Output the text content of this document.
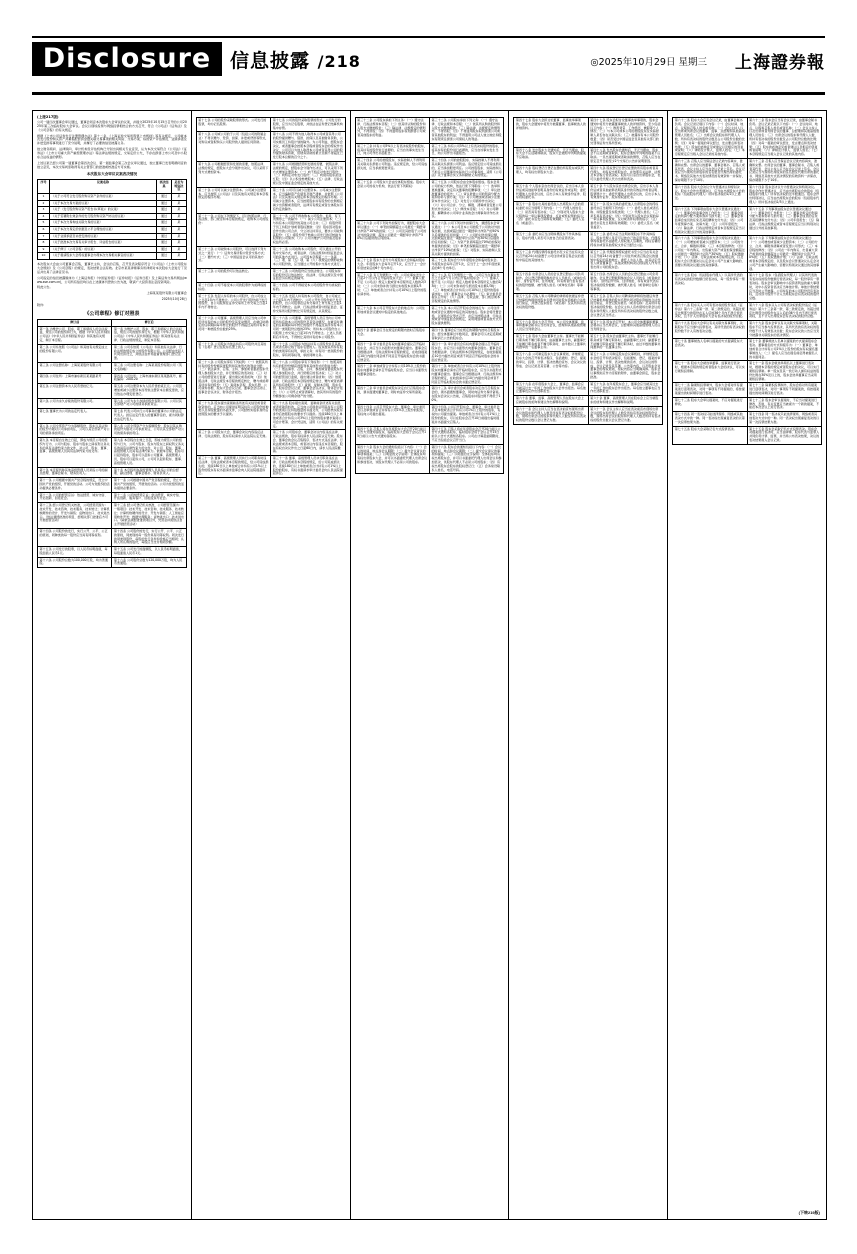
Disclosure 信息披露 /218	◎2025年10月29日 星期三 上海證券報
(上接217版)
公司一届四次董事会审议通过，董事会同意本次股东大会审议的议案，并提交2025年10月15日召开的公司2025年第三次临时股东大会审议。会议以现场投票与网络投票相结合的方式召开，符合《公司法》《证券法》及《公司章程》的有关规定。
根据《上市公司证券发行注册管理办法》第十二条、《上海证券交易所股票上市规则》等有关规定，公司就本次发行股份购买资产并募集配套资金暨关联交易事项的相关风险、交易方案、标的资产评估情况、业绩承诺及补偿安排等事项进行了充分说明，并履行了必要的信息披露义务。
独立财务顾问、法律顾问、审计机构及评估机构已分别出具相关专业意见，认为本次交易符合《公司法》《证券法》《上市公司重大资产重组管理办法》等法律法规的规定，交易定价公允，不存在损害上市公司及中小股东合法权益的情形。
上述议案已经公司第一届董事会第四次会议、第一届监事会第三次会议审议通过，独立董事已发表明确同意的独立意见，本次交易尚需取得有关主管部门的批准或核准后方可实施。
本次股东大会审议议案表决情况
序号	议案名称	表决结果	是否为特别决议
1	《关于公司符合发行股份购买资产条件的议案》	通过	是
2	《关于本次交易方案的议案》	通过	是
3	《关于〈发行股份购买资产报告书(草案)〉的议案》	通过	是
4	《关于签署附生效条件的发行股份购买资产协议的议案》	通过	是
5	《关于本次交易构成关联交易的议案》	通过	是
6	《关于本次交易定价依据及公平合理性的议案》	通过	是
7	《关于业绩承诺及补偿安排的议案》	通过	是
8	《关于批准本次交易有关审计报告、评估报告的议案》	通过	是
9	《关于修订〈公司章程〉的议案》	通过	是
10	《关于提请股东大会授权董事会办理本次交易相关事宜的议案》	通过	是
本次股东大会由公司董事会召集，董事长主持，会议的召集、召开及表决程序符合《公司法》《上市公司股东大会规则》及《公司章程》的规定，表决结果合法有效。北京市某某律师事务所律师对本次股东大会进行了见证并出具了法律意见书。
公司指定的信息披露媒体为《上海证券报》《中国证券报》《证券时报》《证券日报》及上海证券交易所网站(www.sse.com.cn)，公司所有信息均以在上述媒体刊登的公告为准，敬请广大投资者注意投资风险。
特此公告。
上海某某股份有限公司董事会
2025年10月28日
附件：
《公司章程》修订对照表
修订前	修订后
第一条 为维护公司、股东、职工和债权人的合法权益，规范公司的组织和行为，根据《中华人民共和国公司法》《中华人民共和国证券法》和其他有关规定，制订本章程。	第一条 为维护公司、股东、职工和债权人的合法权益，规范公司的组织和行为，根据《中华人民共和国公司法》《中华人民共和国证券法》和其他有关法律、行政法规的规定，制定本章程。
第二条 公司系依照《公司法》和其他有关规定成立的股份有限公司。	第二条 公司系依照《公司法》和其他有关法律、行政法规的规定成立的股份有限公司。公司经由发起人共同出资设立，并依法在市场监督管理部门登记注册。
第三条 公司注册名称：上海某某股份有限公司	第三条 公司注册名称：上海某某股份有限公司（英文名称略）
第四条 公司住所：上海市浦东新区某某路某号	第四条 公司住所：上海市浦东新区某某路某号，邮政编码：200120
第五条 公司注册资本为人民币壹拾亿元。	第五条 公司注册资本为人民币壹拾贰亿元。公司因增加或减少注册资本而导致注册资本总额变更的，应当依法办理变更登记。
第六条 公司为永久存续的股份有限公司。	第六条 公司为永久存续的股份有限公司。公司以其全部财产对公司的债务承担责任。
第七条 董事长为公司的法定代表人。	第七条 代表公司执行公司事务的董事为公司的法定代表人。担任法定代表人的董事辞任的，视为同时辞去法定代表人。
第八条 公司全部资产分为等额股份，股东以其认购的股份为限对公司承担责任，公司以其全部资产对公司的债务承担责任。	第八条 公司全部资产分为等额股份，股东以其认购的股份为限对公司承担责任，公司以其全部财产对公司的债务承担责任。
第九条 本章程自生效之日起，即成为规范公司的组织与行为、公司与股东、股东与股东之间权利义务关系的具有法律约束力的文件，对公司、股东、董事、监事、高级管理人员具有法律约束力的文件。	第九条 本章程自生效之日起，即成为规范公司的组织与行为、公司与股东、股东与股东之间权利义务关系的具有法律约束力的文件，对公司、股东、董事、高级管理人员具有法律约束力。依据本章程，股东可以起诉股东，股东可以起诉公司董事、高级管理人员，股东可以起诉公司，公司可以起诉股东、董事、高级管理人员。
第十条 本章程所称其他高级管理人员是指公司的副总经理、董事会秘书、财务负责人。	第十条 本章程所称高级管理人员是指公司的总经理、副总经理、董事会秘书、财务负责人。
第十一条 公司根据中国共产党章程的规定，设立中国共产党的组织，开展党的活动。公司为党组织的活动提供必要条件。	第十一条 公司根据中国共产党章程的规定，设立中国共产党的组织，开展党的活动。公司为党组织的活动提供必要条件。
第十二条 公司的经营宗旨：依法经营、诚实守信、开拓创新、回报社会。	第十二条 公司的经营宗旨：依法经营、诚实守信、开拓创新、服务客户、回报股东与社会。
第十三条 经公司登记机关核准，公司经营范围为：技术开发、技术咨询、技术服务、技术转让；计算机软硬件的设计、开发与销售；货物进出口、技术进出口。（依法须经批准的项目，经相关部门批准后方可开展经营活动）	第十三条 经公司登记机关核准，公司经营范围为：一般项目：技术开发、技术咨询、技术服务、技术转让；计算机软硬件的设计、开发与销售；人工智能应用软件开发；数据处理服务；货物进出口；技术进出口。（除依法须经批准的项目外，凭营业执照依法自主开展经营活动）
第十四条 公司股份的发行，实行公开、公平、公正的原则，同种类的每一股份应当具有同等权利。	第十四条 公司股份的发行，实行公开、公平、公正的原则，同类别的每一股份具有同等权利。同次发行的同类别股份，每股的发行条件和价格应当相同；认购人所认购的股份，每股应当支付相同价额。
第十五条 公司发行的股票，以人民币标明面值，每股面值人民币1元。	第十五条 公司发行的面额股，以人民币标明面值，每股面值人民币1元。
第十六条 公司股份总数为100,000万股，均为普通股。	第十六条 公司股份总数为120,000万股，均为人民币普通股。
第十七条 公司的股份采取股票的形式。公司发行的股票，均为记名股票。	第十七条 公司的股份采取股票的形式。公司发行的股票，应当为记名股票，并依法在证券登记结算机构集中存管。
第十八条 公司或公司的子公司（包括公司的附属企业）不得以赠与、垫资、担保、补偿或贷款等形式，对购买或者拟购买公司股份的人提供任何资助。	第十八条 公司不得为他人取得本公司或者其母公司的股份提供赠与、借款、担保以及其他财务资助，公司实施员工持股计划的除外。为公司利益，经股东会决议，或者董事会按照本章程或者股东会的授权作出决议，公司可以为他人取得本公司或者其母公司的股份提供财务资助，但财务资助的累计总额不得超过已发行股本总额的百分之十。
第十九条 公司根据经营和发展的需要，依照法律、法规的规定，经股东大会分别作出决议，可以采用下列方式增加资本。	第十九条 公司根据经营和发展的需要，依照法律、法规的规定，经股东会分别作出决议，可以采用下列方式增加注册资本：（一）向不特定对象发行股份；（二）向特定对象发行股份；（三）向现有股东派送红股；（四）以公积金转增股本；（五）法律、行政法规以及中国证监会规定的其他方式。
第二十条 公司可以减少注册资本。公司减少注册资本，应当按照《公司法》以及其他有关规定和本章程规定的程序办理。	第二十条 公司可以减少注册资本。公司减少注册资本，应当编制资产负债表及财产清单，并依照《公司法》以及其他有关规定和本章程规定的程序办理。公司减少注册资本，应当按照股东持有股份的比例相应减少出资额或者股份，法律另有规定或者全体股东另有约定的除外。
第二十一条 公司在下列情况下，可以依照法律、行政法规、部门规章和本章程的规定，收购本公司的股份：	第二十一条 公司不得收购本公司股份。但是，有下列情形之一的除外：（一）减少公司注册资本；（二）与持有本公司股份的其他公司合并；（三）将股份用于员工持股计划或者股权激励；（四）股东因对股东会作出的公司合并、分立决议持异议，要求公司收购其股份；（五）将股份用于转换公司发行的可转换为股票的公司债券；（六）公司为维护公司价值及股东权益所必需。
第二十二条 公司收购本公司股份，可以选择下列方式之一进行：（一）证券交易所集中竞价交易方式；（二）要约方式；（三）中国证监会认可的其他方式。	第二十二条 公司收购本公司股份，可以通过公开的集中交易方式，或者法律、行政法规和中国证监会认可的其他方式进行。公司因本章程第二十一条第（三）项、第（五）项、第（六）项规定的情形收购本公司股份的，应当通过公开的集中交易方式进行。
第二十三条 公司的股份可以依法转让。	第二十三条 公司的股份应当依法转让。公司股东持有的股份可以依法转让，但法律、行政法规以及中国证监会另有规定的除外。
第二十四条 公司不接受本公司的股票作为质押权的标的。	第二十四条 公司不得接受本公司的股份作为质权的标的。
第二十五条 发起人持有的本公司股份，自公司成立之日起1年内不得转让。公司公开发行股份前已发行的股份，自公司股票在证券交易所上市交易之日起1年内不得转让。	第二十五条 发起人持有的本公司股份，自公司成立之日起1年内不得转让。公司公开发行股份前已发行的股份，自公司股票在证券交易所上市交易之日起1年内不得转让。法律、行政法规或者中国证监会、证券交易所对股份转让另有规定的，从其规定。
第二十六条 公司董事、高级管理人员应当向公司申报所持有的本公司的股份及其变动情况，在就任时确定的任职期间每年转让的股份不得超过其所持有本公司同一种类股份总数的25%。	第二十六条 公司董事、高级管理人员应当向公司申报所持有的本公司的股份及其变动情况，在就任时确定的任职期间每年转让的股份不得超过其所持有本公司同一类别股份总数的25%；所持本公司股份自公司股票上市交易之日起1年内不得转让。上述人员离职后半年内，不得转让其所持有的本公司股份。
第二十七条 公司股东为依法持有公司股份并且其姓名（名称）登记在股东名册上的人。	第二十七条 公司股东为依法持有公司股份并且其姓名或者名称记载于股东名册的人。股东按其所持有股份的类别享有权利，承担义务；持有同一类别股份的股东，享有同等权利，承担同种义务。
第二十八条 公司股东享有下列权利：（一）依照其所持有的股份份额获得股利和其他形式的利益分配；（二）依法请求、召集、主持、参加或者委派股东代理人参加股东大会，并行使相应的表决权；（三）对公司的经营进行监督，提出建议或者质询；（四）依照法律、行政法规及本章程的规定转让、赠与或质押其所持有的股份；（五）查阅本章程、股东名册、公司债券存根、股东大会会议记录、董事会会议决议、监事会会议决议、财务会计报告。	第二十八条 公司股东享有下列权利：（一）依照其所持有的股份份额获得股利和其他形式的利益分配；（二）依法请求、召集、主持、参加或者委派股东代理人参加股东会，并行使相应的表决权；（三）对公司的经营进行监督，提出建议或者质询；（四）依照法律、行政法规及本章程的规定转让、赠与或者质押其所持有的股份；（五）查阅、复制本章程、股东名册、股东会会议记录、董事会会议决议、财务会计报告；（六）公司终止或者清算时，按其所持有的股份份额参加公司剩余财产的分配。
第二十九条 股东提出查阅前条所述有关信息或者索取资料的，应当向公司提供证明其持有公司股份的种类以及持股数量的书面文件，公司经核实股东身份后按照股东的要求予以提供。	第二十九条 股东提出查阅、复制前条所述有关信息或者索取资料的，应当向公司提供证明其持有公司股份的类别以及持股数量的书面文件，公司经核实股东身份后按照股东的要求予以提供。连续180日以上单独或者合计持有公司3%以上股份的股东要求查阅公司会计账簿、会计凭证的，适用《公司法》的有关规定。
第三十条 公司股东大会、董事会决议内容违反法律、行政法规的，股东有权请求人民法院认定无效。	第三十条 公司股东会、董事会决议内容违反法律、行政法规的，股东有权请求人民法院认定无效。股东会、董事会的会议召集程序、表决方式违反法律、行政法规或者本章程，或者决议内容违反本章程的，股东有权自决议作出之日起60日内，请求人民法院撤销。
第三十一条 董事、高级管理人员执行公司职务时违反法律、行政法规或者本章程的规定，给公司造成损失的，连续180日以上单独或合并持有公司1%以上股份的股东有权书面请求监事会向人民法院提起诉讼。	第三十一条 董事、高级管理人员执行职务违反法律、行政法规或者本章程的规定，给公司造成损失的，连续180日以上单独或者合计持有公司1%以上股份的股东，有权书面请求审计委员会向人民法院提起诉讼。
第三十二条 公司股东承担下列义务：（一）遵守法律、行政法规和本章程；（二）依其所认购的股份和入股方式缴纳股金；（三）除法律、法规规定的情形外，不得退股；（四）不得滥用股东权利损害公司或者其他股东的利益。	第三十二条 公司股东承担下列义务：（一）遵守法律、行政法规和本章程；（二）依其所认购的股份和入股方式缴纳股款；（三）除法律、法规规定的情形外，不得退股；（四）不得滥用股东权利损害公司或者其他股东的利益；不得滥用公司法人独立地位和股东有限责任损害公司债权人的利益。
第三十三条 持有公司5%以上有表决权股份的股东，将其持有的股份进行质押的，应当自该事实发生当日，向公司作出书面报告。	第三十三条 持有公司5%以上有表决权股份的股东，将其持有的股份进行质押的，应当自该事实发生当日，向公司作出书面报告。
第三十四条 公司的控股股东、实际控制人不得利用其关联关系损害公司利益。违反规定的，给公司造成损失的，应当承担赔偿责任。	第三十四条 公司的控股股东、实际控制人不得利用其关联关系损害公司利益。违反规定给公司造成损失的，应当承担赔偿责任。公司控股股东、实际控制人不担任公司董事但实际执行公司事务的，适用《公司法》关于董事忠实义务和勤勉义务的规定。
第三十五条 公司股东大会由全体股东组成。股东大会是公司的权力机构，依法行使下列职权：	第三十五条 公司股东会由全体股东组成。股东会是公司的权力机构，依法行使下列职权：（一）选举和更换董事，决定有关董事的报酬事项；（二）审议批准董事会的报告；（三）审议批准公司的利润分配方案和弥补亏损方案；（四）对公司增加或者减少注册资本作出决议；（五）对发行公司债券作出决议；（六）对公司合并、分立、解散、清算或者变更公司形式作出决议；（七）修改本章程；（八）对公司聘用、解聘承办公司审计业务的会计师事务所作出决议。
第三十六条 公司下列对外担保行为，须经股东大会审议通过：（一）单笔担保额超过公司最近一期经审计净资产10%的担保；（二）公司及其控股子公司的对外担保总额，超过公司最近一期经审计净资产50%以后提供的任何担保。	第三十六条 公司下列对外担保行为，须经股东会审议通过：（一）本公司及本公司控股子公司的对外担保总额，达到或超过最近一期经审计净资产的50%以后提供的任何担保；（二）公司的对外担保总额，达到或超过最近一期经审计总资产的30%以后提供的任何担保；（三）为资产负债率超过70%的担保对象提供的担保；（四）单笔担保额超过最近一期经审计净资产10%的担保；（五）对股东、实际控制人及其关联方提供的担保。
第三十七条 股东大会分为年度股东大会和临时股东大会。年度股东大会每年召开1次，应当于上一会计年度结束后的6个月内举行。	第三十七条 股东会分为年度股东会和临时股东会。年度股东会每年召开1次，应当于上一会计年度结束后的6个月内举行。
第三十八条 有下列情形之一的，公司在事实发生之日起2个月以内召开临时股东大会：（一）董事人数不足《公司法》规定人数或者本章程所定人数的2/3时；（二）公司未弥补的亏损达实收股本总额1/3时；（三）单独或者合计持有公司10%以上股份的股东请求时。	第三十八条 有下列情形之一的，公司应当在事实发生之日起2个月以内召开临时股东会：（一）董事人数不足《公司法》规定人数或者本章程所定人数的2/3时；（二）公司未弥补的亏损达股本总额1/3时；（三）单独或者合计持有公司10%以上股份的股东请求时；（四）董事会认为必要时；（五）审计委员会提议召开时；（六）法律、行政法规、部门规章或本章程规定的其他情形。
第三十九条 本公司召开股东大会的地点为：公司住所地或者会议通知中指定的其他地点。	第三十九条 本公司召开股东会的地点为：公司住所地或者会议通知中指定的其他地点。股东会将设置会场，以现场会议形式召开，并应当按照法律、行政法规或者中国证监会的规定，采用网络或者其他方式为股东提供便利。
第四十条 董事会应当在规定的期限内按时召集股东大会。	第四十条 董事会应当在规定的期限内按时召集股东会。经全体董事过半数同意，董事会可以决定延期或者取消已公告的股东会。
第四十一条 审计委员会有权向董事会提议召开临时股东会，并应当以书面形式向董事会提出。董事会应当根据法律、行政法规和本章程的规定，在收到提案后10日内提出同意或不同意召开临时股东会的书面反馈意见。	第四十一条 审计委员会有权向董事会提议召开临时股东会，并应当以书面形式向董事会提出。董事会应当根据法律、行政法规和本章程的规定，在收到提案后10日内提出同意或者不同意召开临时股东会的书面反馈意见。
第四十二条 单独或者合计持有公司10%以上股份的股东向董事会请求召开临时股东会，应当以书面形式向董事会提出。	第四十二条 单独或者合计持有公司10%以上股份的股东向董事会请求召开临时股东会，应当以书面形式向董事会提出。董事会应当根据法律、行政法规和本章程的规定，在收到请求后10日内提出同意或者不同意召开临时股东会的书面反馈意见。
第四十三条 审计委员会或股东决定自行召集股东会的，须书面通知董事会，同时向证券交易所备案。	第四十三条 审计委员会或者股东决定自行召集股东会的，须书面通知董事会，同时向证券交易所备案。在股东会决议公告前，召集股东持股比例不得低于10%。
第四十四条 公司召开股东大会，董事会、审计委员会以及单独或者合并持有公司1%以上股份的股东，有权向公司提出提案。	第四十四条 公司召开股东会，董事会、审计委员会以及单独或者合计持有公司1%以上股份的股东，有权向公司提出提案。单独或者合计持有公司1%以上股份的股东，可以在股东会召开10日前提出临时提案并书面提交召集人。
第四十五条 召集人将在年度股东大会召开20日前以公告方式通知各股东，临时股东大会将于会议召开15日前以公告方式通知各股东。	第四十五条 召集人将在年度股东会召开20日前以公告方式通知各股东，临时股东会将于会议召开15日前以公告方式通知各股东。公司在计算起始期限时，不应当包括会议召开当日。
第四十六条 股东大会的通知包括以下内容：（一）会议的时间、地点和会议期限；（二）提交会议审议的事项和提案；（三）以明显的文字说明：全体股东均有权出席股东大会，并可以书面委托代理人出席会议和参加表决，该股东代理人不必是公司的股东。	第四十六条 股东会的通知包括以下内容：（一）会议的时间、地点和会议期限；（二）提交会议审议的事项和提案；（三）以明显的文字说明：全体股东均有权出席股东会，并可以书面委托代理人出席会议和参加表决，该股东代理人不必是公司的股东；（四）有权出席股东会股东的股权登记日；（五）会务常设联系人姓名，电话号码。
第四十七条 股东大会拟讨论董事、监事选举事项的，股东大会通知中将充分披露董事、监事候选人的详细资料。	第四十七条 股东会拟讨论董事选举事项的，股东会通知中将充分披露董事候选人的详细资料，至少包括以下内容：（一）教育背景、工作经历、兼职等个人情况；（二）与本公司或本公司的控股股东及实际控制人是否存在关联关系；（三）披露持有本公司股份数量；（四）是否受过中国证监会及其他有关部门的处罚和证券交易所惩戒。
第四十八条 发出股东大会通知后，无正当理由，股东大会不应延期或取消，股东大会通知中列明的提案不应取消。	第四十八条 发出股东会通知后，无正当理由，股东会不应延期或者取消，股东会通知中列明的提案不应取消。一旦出现延期或者取消的情形，召集人应当在原定召开日前至少2个交易日公告并说明原因。
第四十九条 股权登记日登记在册的所有股东或其代理人，均有权出席股东大会。	第四十九条 股权登记日登记在册的所有股东或者其代理人，均有权出席股东会，并依照有关法律、法规及本章程行使表决权。股东可以亲自出席股东会，也可以委托代理人代为出席和表决。
第五十条 个人股东亲自出席会议的，应出示本人身份证或其他能够表明其身份的有效证件或证明；委托代理他人出席会议的，应出示本人有效身份证件、股东授权委托书。	第五十条 个人股东亲自出席会议的，应出示本人身份证或者其他能够表明其身份的有效证件或者证明、股票账户卡；委托代理他人出席会议的，应出示本人有效身份证件、股东授权委托书。
第五十一条 股东出具的委托他人出席股东大会的授权委托书应当载明下列内容：（一）代理人的姓名；（二）是否具有表决权；（三）分别对列入股东大会议程的每一审议事项投赞成、反对或弃权票的指示；（四）委托书签发日期和有效期限；（五）委托人签名（或盖章）。	第五十一条 股东出具的委托他人出席股东会的授权委托书应当载明下列内容：（一）委托人姓名或者名称、持股数量及持股类别；（二）代理人姓名；（三）是否具有表决权；（四）分别对列入股东会议程的每一审议事项投赞成、反对或者弃权票的指示；（五）委托书签发日期和有效期限；（六）委托人签名（或者盖章）。
第五十二条 委托书应当注明如果股东不作具体指示，股东代理人是否可以按自己的意思表决。	第五十二条 委托书应当注明如果股东不作具体指示，股东代理人是否可以按自己的意思表决。代理投票授权委托书由委托人授权他人签署的，授权签署的授权书或者其他授权文件应当经过公证。
第五十三条 代理投票授权委托书至少应当在有关会议召开前24小时备置于公司住所或者召集会议的通知中指定的其他地方。	第五十三条 代理投票授权委托书至少应当在有关会议召开前24小时备置于公司住所或者召集会议的通知中指定的其他地方。委托人为法人的，由其法定代表人或者董事会、其他决策机构决议授权的人作为代表出席公司的股东会。
第五十四条 出席会议人员的会议登记册由公司负责制作。会议登记册载明参加会议人员姓名（或单位名称）、身份证号码、住所地址、持有或者代表有表决权的股份数额、被代理人姓名（或单位名称）等事项。	第五十四条 出席会议人员的会议登记册由公司负责制作。会议登记册载明参加会议人员姓名（或者单位名称）、身份证件号码、住所地址、持有或者代表有表决权的股份数额、被代理人姓名（或者单位名称）等事项。
第五十五条 召集人和公司聘请的律师将依据证券登记结算机构提供的股东名册共同对股东资格的合法性进行验证，并登记股东姓名（或名称）及其所持有表决权的股份数。	第五十五条 召集人和公司聘请的律师将依据证券登记结算机构提供的股东名册共同对股东资格的合法性进行验证，并登记股东姓名（或者名称）及其所持有表决权的股份数。在会议主持人宣布现场出席会议的股东和代理人人数及所持有表决权的股份总数之前，会议登记应当终止。
第五十六条 股东大会召开时，本公司全体董事、监事和董事会秘书应当出席会议，经理和其他高级管理人员应当列席会议。	第五十六条 股东会召开时，本公司全体董事和董事会秘书应当出席会议，总经理和其他高级管理人员应当列席会议。
第五十七条 股东大会由董事长主持。董事长不能履行职务或不履行职务时，由副董事长主持，副董事长不能履行职务或者不履行职务时，由半数以上董事共同推举的一名董事主持。	第五十七条 股东会由董事长主持。董事长不能履行职务或者不履行职务时，由副董事长主持；副董事长不能履行职务或者不履行职务时，由过半数的董事共同推举的一名董事主持。
第五十八条 公司制定股东大会议事规则，详细规定股东大会的召开和表决程序，包括通知、登记、提案的审议、投票、计票、表决结果的宣布、会议决议的形成、会议记录及其签署、公告等内容。	第五十八条 公司制定股东会议事规则，详细规定股东会的召开和表决程序，包括通知、登记、提案的审议、投票、计票、表决结果的宣布、会议决议的形成、会议记录及其签署、公告等内容，以及股东会对董事会的授权原则，授权内容应当明确具体。股东会议事规则应作为章程的附件，由董事会拟定，股东会批准。
第五十九条 在年度股东大会上，董事会、监事会应当就其过去一年的工作向股东大会作出报告。每名独立董事也应作出述职报告。	第五十九条 在年度股东会上，董事会应当就其过去一年的工作向股东会作出报告。每名独立董事也应当作出述职报告。
第六十条 董事、监事、高级管理人员在股东大会上应就股东的质询和建议作出解释和说明。	第六十条 董事、高级管理人员在股东会上应当就股东的质询和建议作出解释和说明。
第六十一条 会议主持人应当在表决前宣布现场出席会议的股东和代理人人数及所持有表决权的股份总数，现场出席会议的股东和代理人人数及所持有表决权的股份总数以会议登记为准。	第六十一条 会议主持人应当在表决前宣布现场出席会议的股东和代理人人数及所持有表决权的股份总数，现场出席会议的股东和代理人人数及所持有表决权的股份总数以会议登记为准。
第六十二条 股东大会应有会议记录，由董事会秘书负责。会议记录记载以下内容：（一）会议时间、地点、议程和召集人姓名或名称；（二）会议主持人以及出席或列席会议的董事、监事、总经理和其他高级管理人员姓名；（三）出席会议的股东和代理人人数、所持有表决权的股份总数及占公司股份总数的比例；（四）对每一提案的审议经过、发言要点和表决结果；（五）股东的质询意见或建议以及相应的答复或说明；（六）律师及计票人、监票人姓名；（七）本章程规定应当载入会议记录的其他内容。	第六十二条 股东会应当有会议记录，由董事会秘书负责。会议记录记载以下内容：（一）会议时间、地点、议程和召集人姓名或者名称；（二）会议主持人以及出席或者列席会议的董事、总经理和其他高级管理人员姓名；（三）出席会议的股东和代理人人数、所持有表决权的股份总数及占公司股份总数的比例；（四）对每一提案的审议经过、发言要点和表决结果；（五）股东的质询意见或者建议以及相应的答复或者说明；（六）律师及计票人、监票人姓名；（七）本章程规定应当载入会议记录的其他内容。
第六十三条 召集人应当保证会议记录内容真实、准确和完整。出席会议的董事、董事会秘书、召集人或其代表、会议主持人应当在会议记录上签名。会议记录应当与现场出席股东的签名册及代理出席的委托书、网络及其他方式表决情况的有效资料一并保存，保存期限不少于10年。	第六十三条 召集人应当保证会议记录内容真实、准确和完整。出席会议的董事、董事会秘书、召集人或者其代表、会议主持人应当在会议记录上签名。会议记录应当与现场出席股东的签名册及代理出席的委托书、网络及其他方式表决情况的有效资料一并保存，保存期限不少于10年。
第六十四条 股东大会决议分为普通决议和特别决议。股东大会作出普通决议，应当由出席股东大会的股东（包括股东代理人）所持表决权的1/2以上通过。	第六十四条 股东会决议分为普通决议和特别决议。股东会作出普通决议，应当由出席股东会的股东（包括股东代理人）所持表决权的过半数通过。股东会作出特别决议，应当由出席股东会的股东（包括股东代理人）所持表决权的2/3以上通过。
第六十五条 下列事项由股东大会以普通决议通过：（一）董事会和监事会的工作报告；（二）董事会拟定的利润分配方案和弥补亏损方案；（三）董事会和监事会成员的任免及其报酬和支付方法；（四）公司年度预算方案、决算方案；（五）公司年度报告；（六）除法律、行政法规规定或者本章程规定应当以特别决议通过以外的其他事项。	第六十五条 下列事项由股东会以普通决议通过：（一）董事会的工作报告；（二）董事会拟定的利润分配方案和弥补亏损方案；（三）董事会成员的任免及其报酬和支付方法；（四）公司年度报告；（五）除法律、行政法规规定或者本章程规定应当以特别决议通过以外的其他事项。
第六十六条 下列事项由股东大会以特别决议通过：（一）公司增加或者减少注册资本；（二）公司的分立、合并、解散和清算；（三）本章程的修改；（四）公司在一年内购买、出售重大资产或者担保金额超过公司最近一期经审计总资产30%的；（五）股权激励计划；（六）法律、行政法规或本章程规定的，以及股东大会以普通决议认定会对公司产生重大影响的、需要以特别决议通过的其他事项。	第六十六条 下列事项由股东会以特别决议通过：（一）公司增加或者减少注册资本；（二）公司的分立、合并、解散和清算或者变更公司形式；（三）本章程的修改；（四）公司在一年内购买、出售重大资产或者担保金额超过公司最近一期经审计总资产30%的；（五）股权激励计划；（六）法律、行政法规或者本章程规定的，以及股东会以普通决议认定会对公司产生重大影响的、需要以特别决议通过的其他事项。
第六十七条 股东（包括股东代理人）以其所代表的有表决权的股份数额行使表决权，每一股份享有一票表决权。	第六十七条 股东（包括股东代理人）以其所代表的有表决权的股份数额行使表决权，每一股份享有一票表决权。股东会审议影响中小投资者利益的重大事项时，对中小投资者表决应当单独计票。单独计票结果应当及时公开披露。公司持有的本公司股份没有表决权，且该部分股份不计入出席股东会有表决权的股份总数。
第六十八条 股东买入公司有表决权的股份违反《证券法》第六十三条第一款、第二款规定的，该超过规定比例部分的股份在买入后的36个月内不得行使表决权，且不计入出席股东大会有表决权的股份总数。	第六十八条 股东买入公司有表决权的股份违反《证券法》第六十三条第一款、第二款规定的，该超过规定比例部分的股份在买入后的36个月内不得行使表决权，且不计入出席股东会有表决权的股份总数。
第六十九条 股东大会审议有关关联交易事项时，关联股东不应当参与投票表决，其所代表的有表决权的股份数不计入有效表决总数。	第六十九条 股东会审议有关关联交易事项时，关联股东不应当参与投票表决，其所代表的有表决权的股份数不计入有效表决总数；股东会决议的公告应当充分披露非关联股东的表决情况。
第七十条 董事候选人名单以提案的方式提请股东大会表决。	第七十条 董事候选人名单以提案的方式提请股东会表决。董事提名的方式和程序为：（一）董事会、单独或者合计持有公司1%以上股份的股东有权提名董事候选人；（二）提名人应当在提名前征得被提名人的书面同意。
第七十一条 股东大会就选举董事、监事进行表决时，根据本章程的规定或者股东大会的决议，可以实行累积投票制。	第七十一条 股东会就选举两名以上董事进行表决时，根据本章程的规定或者股东会的决议，可以实行累积投票制。单一股东及其一致行动人拥有权益的股份比例在30%及以上的，股东会选举董事应当采用累积投票制。
第七十二条 除累积投票制外，股东大会将对所有提案进行逐项表决，对同一事项有不同提案的，将按提案提出的时间顺序进行表决。	第七十二条 除累积投票制外，股东会将对所有提案进行逐项表决，对同一事项有不同提案的，将按提案提出的时间顺序进行表决。
第七十三条 股东大会审议提案时，不应对提案进行修改。	第七十三条 股东会审议提案时，不应当对提案进行修改，否则，有关变更应当被视为一个新的提案，不能在本次会议上进行表决。
第七十四条 同一表决权只能选择现场、网络或其他表决方式中的一种。同一表决权出现重复表决的以第一次投票结果为准。	第七十四条 同一表决权只能选择现场、网络或者其他表决方式中的一种。同一表决权出现重复表决的以第一次投票结果为准。
第七十五条 股东大会采取记名方式投票表决。	第七十五条 股东会采取记名方式投票表决。股东会对提案进行表决时，应当由律师、股东代表与监票人共同负责计票、监票，并当场公布表决结果，决议的表决结果载入会议记录。
(下转219版)
